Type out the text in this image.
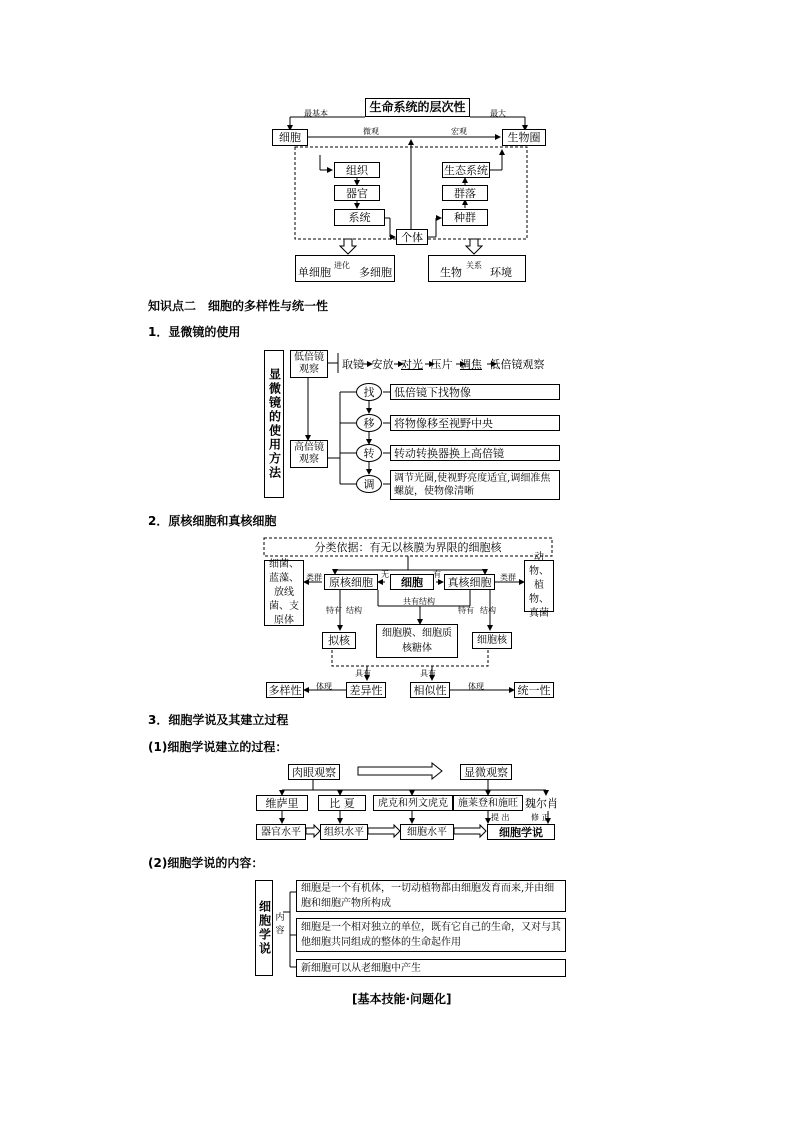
生命系统的层次性
最基本	最大
微观	宏观
细胞	生物圈
组织
器官
系统
个体
生态系统
群落
种群
单细胞
进化
多细胞	生物
关系
环境
知识点二　细胞的多样性与统一性
1．显微镜的使用
显微镜的使用方法
低倍镜观察	取镜 安放 对光 压片 调焦 低倍镜观察
高倍镜观察
找
移
转
调
低倍镜下找物像
将物像移至视野中央
转动转换器换上高倍镜
调节光圈,使视野亮度适宜,调细准焦螺旋，使物像清晰
2．原核细胞和真核细胞
分类依据：有无以核膜为界限的细胞核
细菌、蓝藻、放线菌、支原体
动物、植物、真菌
类群	类群
原核细胞	细胞	真核细胞
无	有
共有结构
特有 结构	特有 结构
拟核
细胞膜、细胞质核糖体
细胞核
具有	具有
多样性	体现	差异性	相似性	体现	统一性
3．细胞学说及其建立过程
(1)细胞学说建立的过程：
肉眼观察	显微观察
维萨里	比 夏	虎克和列文虎克	施莱登和施旺 魏尔肖
器官水平	组织水平	细胞水平	细胞学说
提 出	修 正
(2)细胞学说的内容：
细胞学说 内容
细胞是一个有机体，一切动植物都由细胞发育而来,并由细胞和细胞产物所构成
细胞是一个相对独立的单位，既有它自己的生命，又对与其他细胞共同组成的整体的生命起作用
新细胞可以从老细胞中产生
[基本技能·问题化]
